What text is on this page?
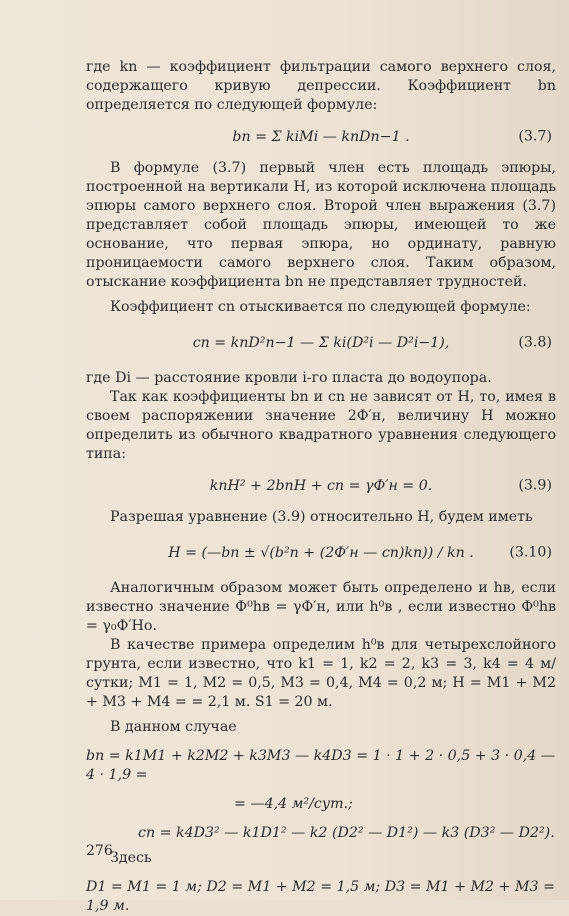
где kn — коэффициент фильтрации самого верхнего слоя, содержащего кривую депрессии. Коэффициент bn определяется по следующей формуле:

bn = Σ kiMi — knDn−1 .	(3.7)

В формуле (3.7) первый член есть площадь эпюры, построенной на вертикали H, из которой исключена площадь эпюры самого верхнего слоя. Второй член выражения (3.7) представляет собой площадь эпюры, имеющей то же основание, что первая эпюра, но ординату, равную проницаемости самого верхнего слоя. Таким образом, отыскание коэффициента bn не представляет трудностей.

Коэффициент cn отыскивается по следующей формуле:

cn = knD²n−1 — Σ ki(D²i — D²i−1),	(3.8)

где Di — расстояние кровли i-го пласта до водоупора.

Так как коэффициенты bn и cn не зависят от H, то, имея в своем распоряжении значение 2Ф′н, величину H можно определить из обычного квадратного уравнения следующего типа:

knH² + 2bnH + cn = γФ′н = 0.	(3.9)

Разрешая уравнение (3.9) относительно H, будем иметь

H = (—bn ± √(b²n + (2Ф′н — cn)kn)) / kn .	(3.10)

Аналогичным образом может быть определено и hв, если известно значение Ф⁰hв = γФ′н, или h⁰в , если известно Ф⁰hв = γ₀Ф′Hо.

В качестве примера определим h⁰в для четырехслойного грунта, если известно, что k1 = 1, k2 = 2, k3 = 3, k4 = 4 м/сутки; M1 = 1, M2 = 0,5, M3 = 0,4, M4 = 0,2 м; H = M1 + M2 + M3 + M4 = = 2,1 м. S1 = 20 м.

В данном случае

bn = k1M1 + k2M2 + k3M3 — k4D3 = 1 · 1 + 2 · 0,5 + 3 · 0,4 — 4 · 1,9 =
= —4,4 м²/сут.;
cn = k4D3² — k1D1² — k2 (D2² — D1²) — k3 (D3² — D2²).

Здесь

D1 = M1 = 1 м; D2 = M1 + M2 = 1,5 м; D3 = M1 + M2 + M3 = 1,9 м.
276
